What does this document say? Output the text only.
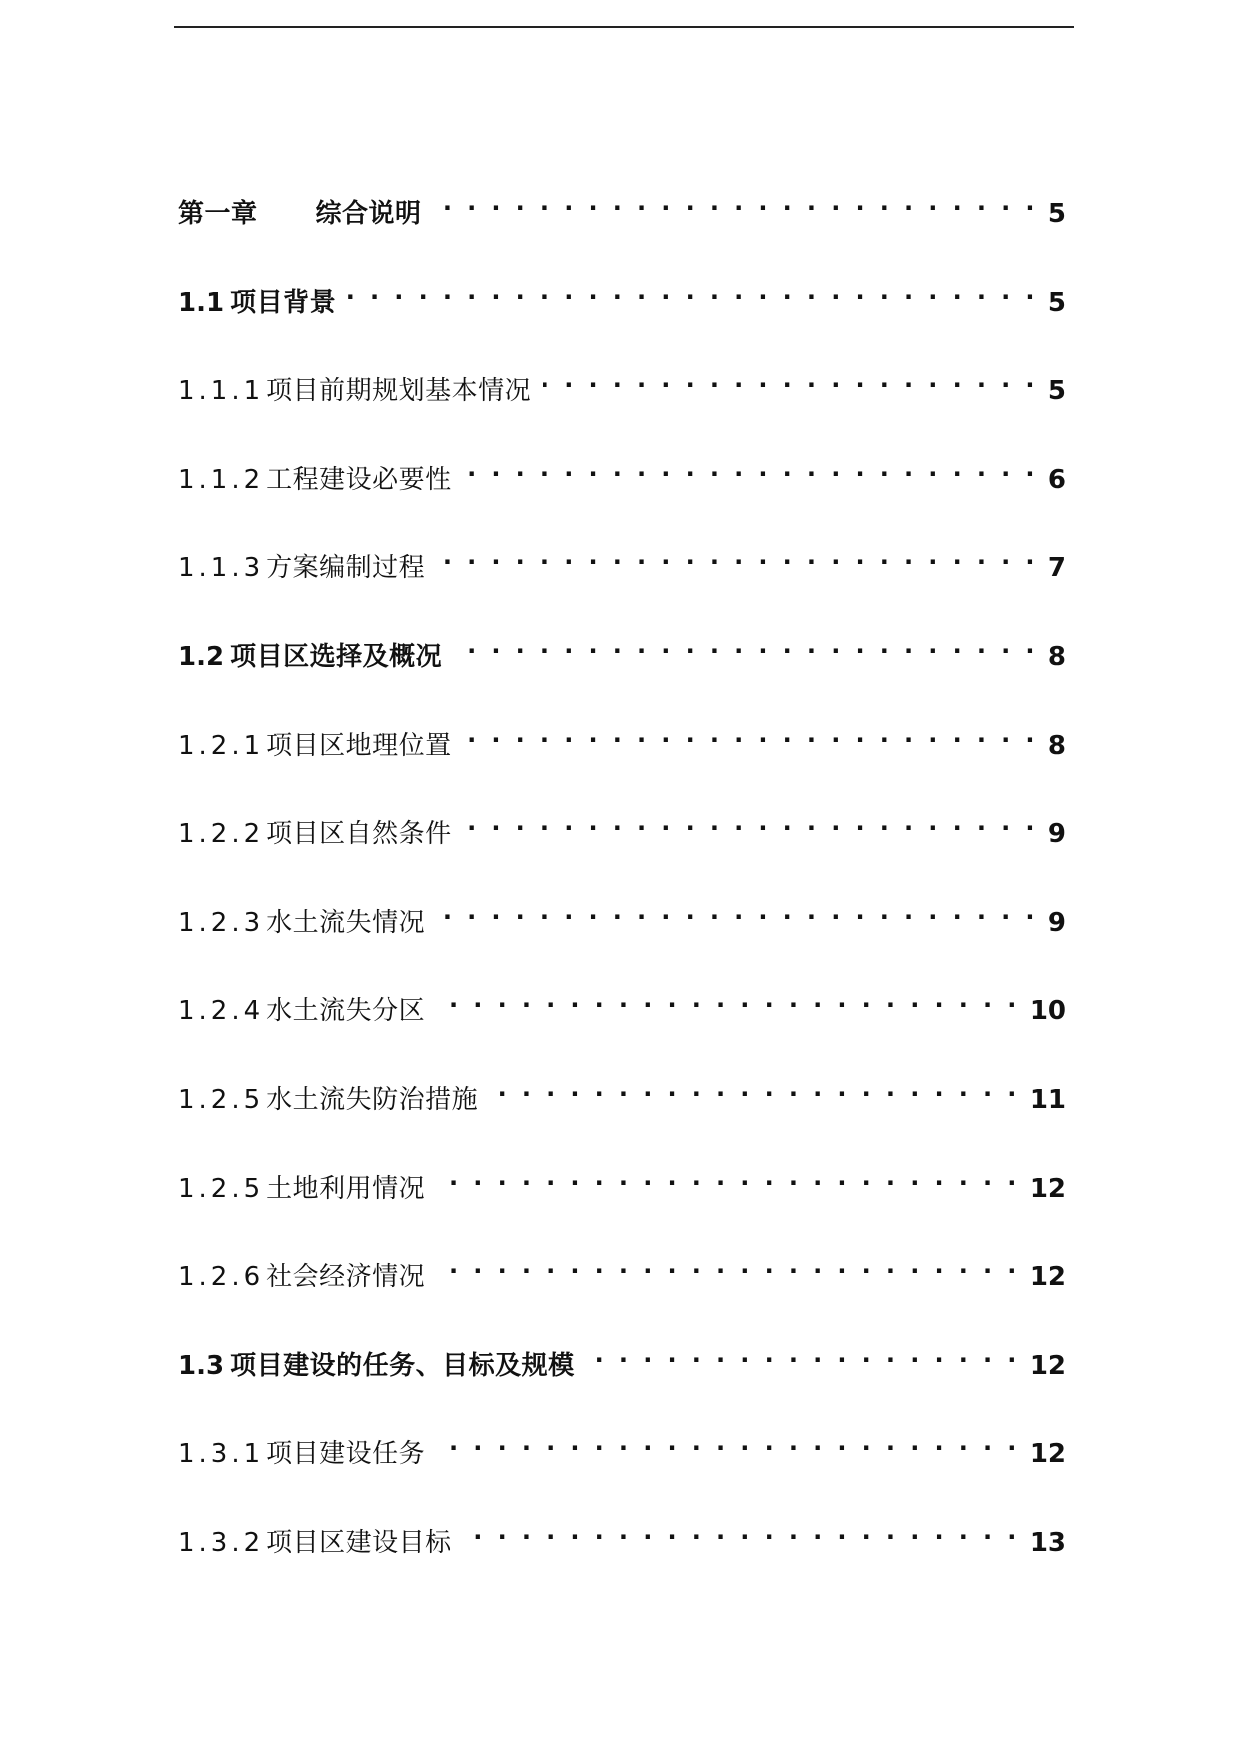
第一章 综合说明 . . .	5
1.1 项目背景 . . .	5
1.1.1项目前期规划基本情况 . . .	5
1.1.2工程建设必要性 . . .	6
1.1.3方案编制过程 . . .	7
1.2 项目区选择及概况 . . .	8
1.2.1项目区地理位置 . . .	8
1.2.2项目区自然条件 . . .	9
1.2.3水土流失情况 . . .	9
1.2.4水土流失分区 . . .	10
1.2.5水土流失防治措施 . . .	11
1.2.5土地利用情况 . . .	12
1.2.6社会经济情况 . . .	12
1.3 项目建设的任务、目标及规模 . . .	12
1.3.1项目建设任务 . . .	12
1.3.2项目区建设目标 . . .	13
